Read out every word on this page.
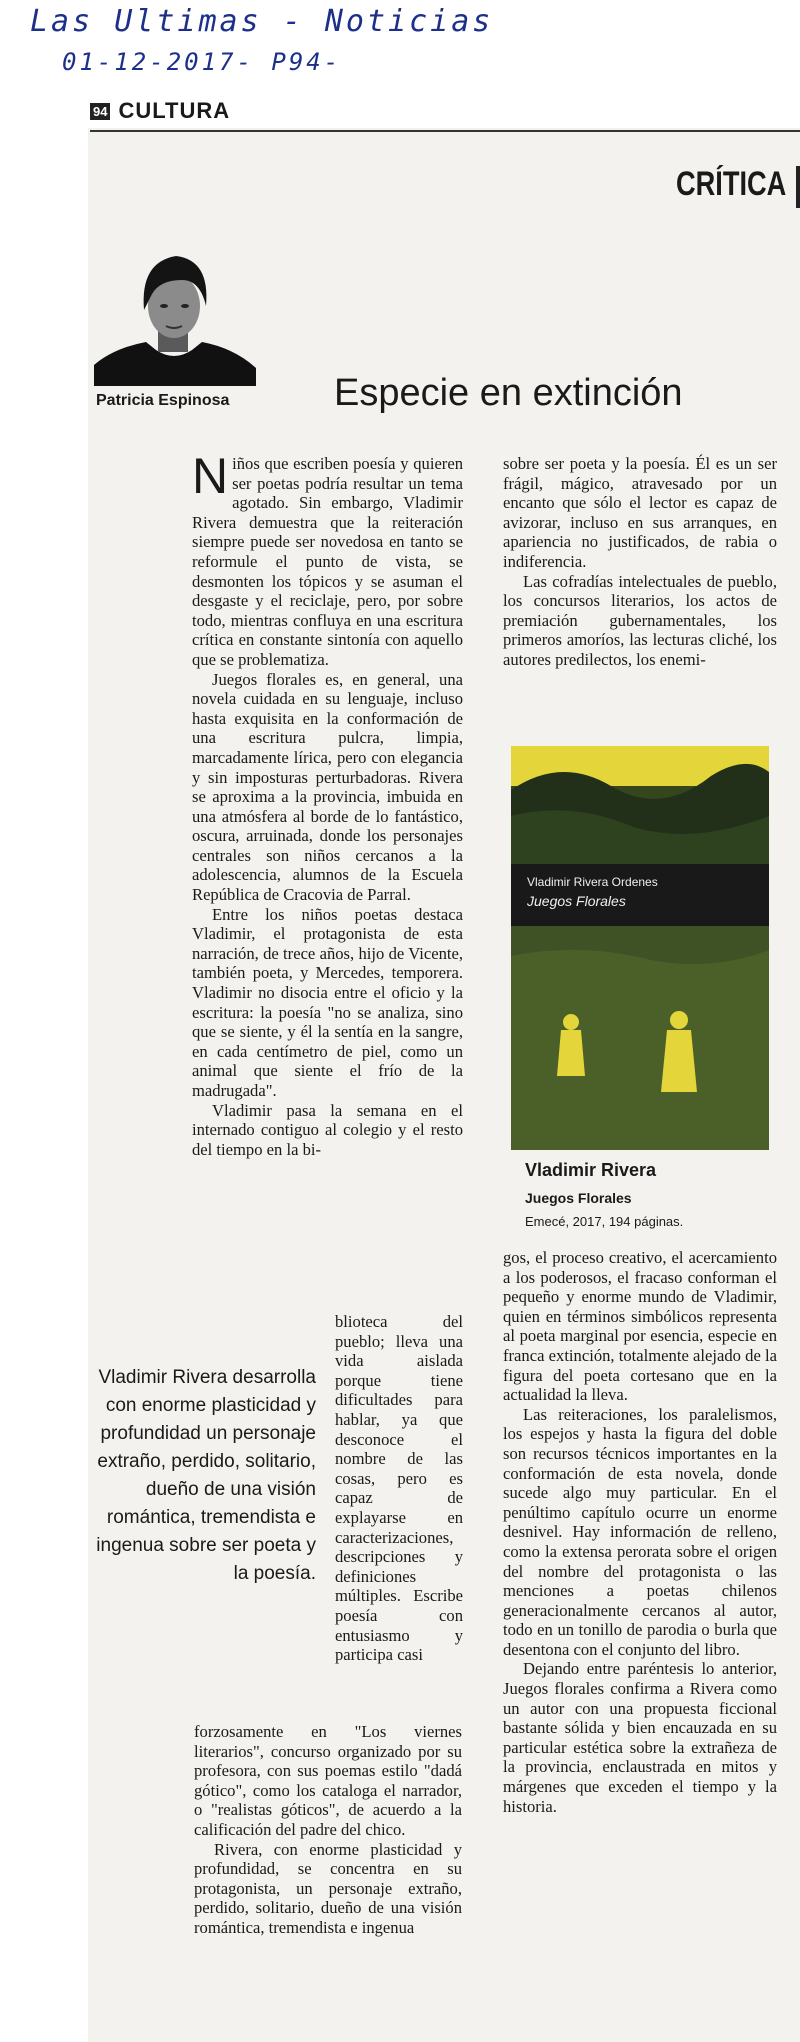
Las Ultimas - Noticias
01-12-2017- P94-
94 CULTURA
CRÍTICA
Patricia Espinosa	Especie en extinción

Niños que escriben poesía y quieren ser poetas podría resultar un tema agotado. Sin embargo, Vladimir Rivera demuestra que la reiteración siempre puede ser novedosa en tanto se reformule el punto de vista, se desmonten los tópicos y se asuman el desgaste y el reciclaje, pero, por sobre todo, mientras confluya en una escritura crítica en constante sintonía con aquello que se problematiza.

Juegos florales es, en general, una novela cuidada en su lenguaje, incluso hasta exquisita en la conformación de una escritura pulcra, limpia, marcadamente lírica, pero con elegancia y sin imposturas perturbadoras. Rivera se aproxima a la provincia, imbuida en una atmósfera al borde de lo fantástico, oscura, arruinada, donde los personajes centrales son niños cercanos a la adolescencia, alumnos de la Escuela República de Cracovia de Parral.

Entre los niños poetas destaca Vladimir, el protagonista de esta narración, de trece años, hijo de Vicente, también poeta, y Mercedes, temporera. Vladimir no disocia entre el oficio y la escritura: la poesía "no se analiza, sino que se siente, y él la sentía en la sangre, en cada centímetro de piel, como un animal que siente el frío de la madrugada".

Vladimir pasa la semana en el internado contiguo al colegio y el resto del tiempo en la bi-

sobre ser poeta y la poesía. Él es un ser frágil, mágico, atravesado por un encanto que sólo el lector es capaz de avizorar, incluso en sus arranques, en apariencia no justificados, de rabia o indiferencia.

Las cofradías intelectuales de pueblo, los concursos literarios, los actos de premiación gubernamentales, los primeros amoríos, las lecturas cliché, los autores predilectos, los enemi-

Vladimir Rivera Ordenes
Juegos Florales
Vladimir Rivera
Juegos Florales
Emecé, 2017, 194 páginas.
Vladimir Rivera desarrolla con enorme plasticidad y profundidad un personaje extraño, perdido, solitario, dueño de una visión romántica, tremendista e ingenua sobre ser poeta y la poesía.

blioteca del pueblo; lleva una vida aislada porque tiene dificultades para hablar, ya que desconoce el nombre de las cosas, pero es capaz de explayarse en caracterizaciones, descripciones y definiciones múltiples. Escribe poesía con entusiasmo y participa casi

forzosamente en "Los viernes literarios", concurso organizado por su profesora, con sus poemas estilo "dadá gótico", como los cataloga el narrador, o "realistas góticos", de acuerdo a la calificación del padre del chico.

Rivera, con enorme plasticidad y profundidad, se concentra en su protagonista, un personaje extraño, perdido, solitario, dueño de una visión romántica, tremendista e ingenua

gos, el proceso creativo, el acercamiento a los poderosos, el fracaso conforman el pequeño y enorme mundo de Vladimir, quien en términos simbólicos representa al poeta marginal por esencia, especie en franca extinción, totalmente alejado de la figura del poeta cortesano que en la actualidad la lleva.

Las reiteraciones, los paralelismos, los espejos y hasta la figura del doble son recursos técnicos importantes en la conformación de esta novela, donde sucede algo muy particular. En el penúltimo capítulo ocurre un enorme desnivel. Hay información de relleno, como la extensa perorata sobre el origen del nombre del protagonista o las menciones a poetas chilenos generacionalmente cercanos al autor, todo en un tonillo de parodia o burla que desentona con el conjunto del libro.

Dejando entre paréntesis lo anterior, Juegos florales confirma a Rivera como un autor con una propuesta ficcional bastante sólida y bien encauzada en su particular estética sobre la extrañeza de la provincia, enclaustrada en mitos y márgenes que exceden el tiempo y la historia.
